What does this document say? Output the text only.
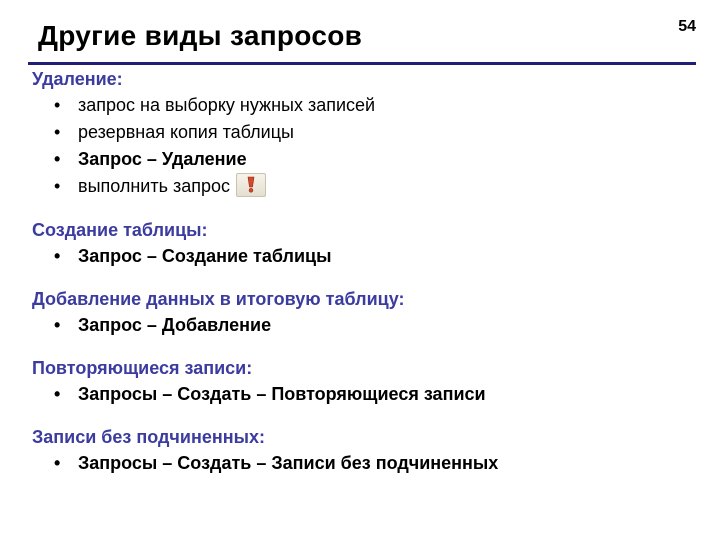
54
Другие виды запросов

Удаление:

• запрос на выборку нужных записей
• резервная копия таблицы
• Запрос – Удаление
• выполнить запрос

Создание таблицы:

• Запрос – Создание таблицы

Добавление данных в итоговую таблицу:

• Запрос – Добавление

Повторяющиеся записи:

• Запросы – Создать – Повторяющиеся записи

Записи без подчиненных:

• Запросы – Создать – Записи без подчиненных
